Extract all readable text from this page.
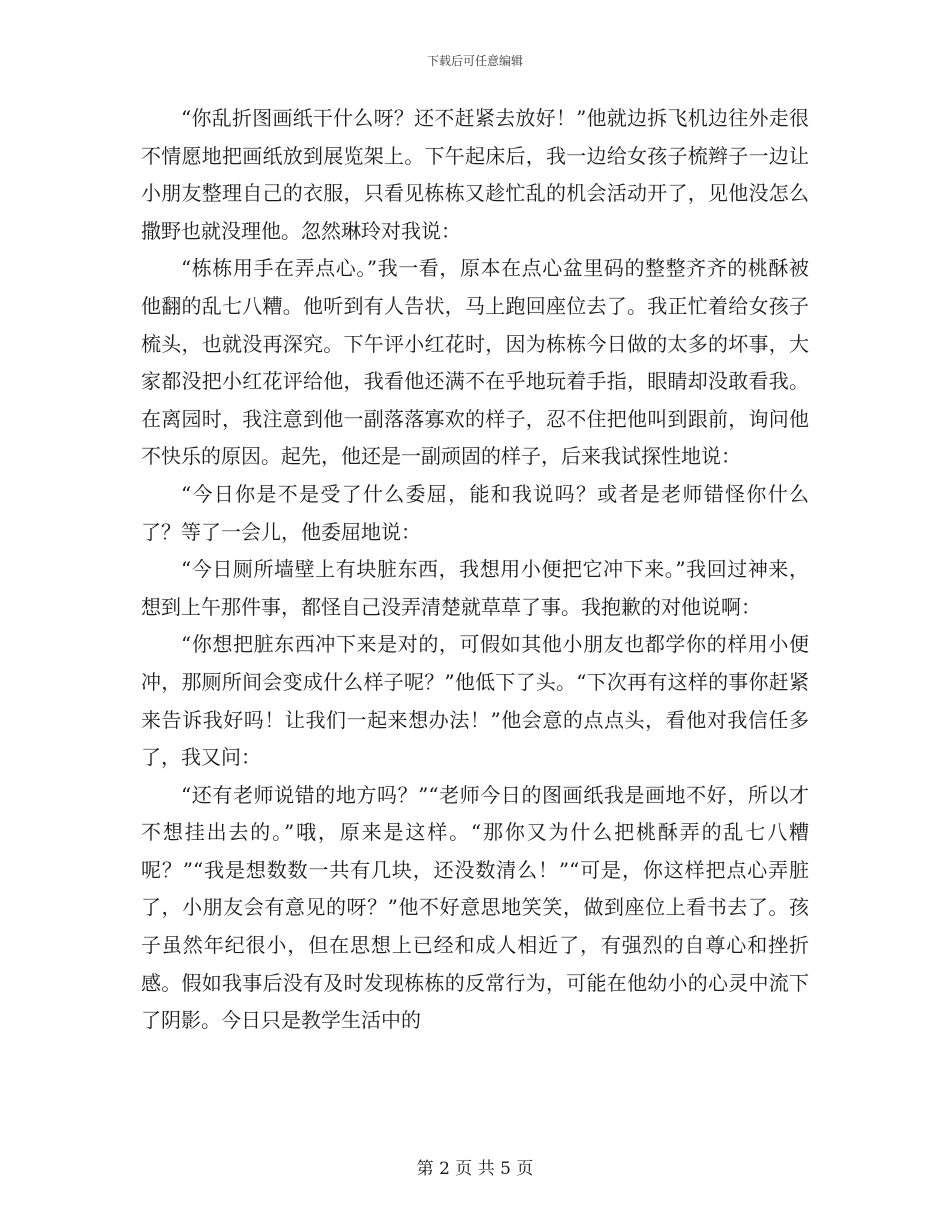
下载后可任意编辑

“你乱折图画纸干什么呀？还不赶紧去放好！”他就边拆飞机边往外走很不情愿地把画纸放到展览架上。下午起床后，我一边给女孩子梳辫子一边让小朋友整理自己的衣服，只看见栋栋又趁忙乱的机会活动开了，见他没怎么撒野也就没理他。忽然琳玲对我说：

“栋栋用手在弄点心。”我一看，原本在点心盆里码的整整齐齐的桃酥被他翻的乱七八糟。他听到有人告状，马上跑回座位去了。我正忙着给女孩子梳头，也就没再深究。下午评小红花时，因为栋栋今日做的太多的坏事，大家都没把小红花评给他，我看他还满不在乎地玩着手指，眼睛却没敢看我。在离园时，我注意到他一副落落寡欢的样子，忍不住把他叫到跟前，询问他不快乐的原因。起先，他还是一副顽固的样子，后来我试探性地说：

“今日你是不是受了什么委屈，能和我说吗？或者是老师错怪你什么了？等了一会儿，他委屈地说：

“今日厕所墙壁上有块脏东西，我想用小便把它冲下来。”我回过神来，想到上午那件事，都怪自己没弄清楚就草草了事。我抱歉的对他说啊：

“你想把脏东西冲下来是对的，可假如其他小朋友也都学你的样用小便冲，那厕所间会变成什么样子呢？”他低下了头。“下次再有这样的事你赶紧来告诉我好吗！让我们一起来想办法！”他会意的点点头，看他对我信任多了，我又问：

“还有老师说错的地方吗？”“老师今日的图画纸我是画地不好，所以才不想挂出去的。”哦，原来是这样。“那你又为什么把桃酥弄的乱七八糟呢？”“我是想数数一共有几块，还没数清么！”“可是，你这样把点心弄脏了，小朋友会有意见的呀？”他不好意思地笑笑，做到座位上看书去了。孩子虽然年纪很小，但在思想上已经和成人相近了，有强烈的自尊心和挫折感。假如我事后没有及时发现栋栋的反常行为，可能在他幼小的心灵中流下了阴影。今日只是教学生活中的

第 2 页 共 5 页
